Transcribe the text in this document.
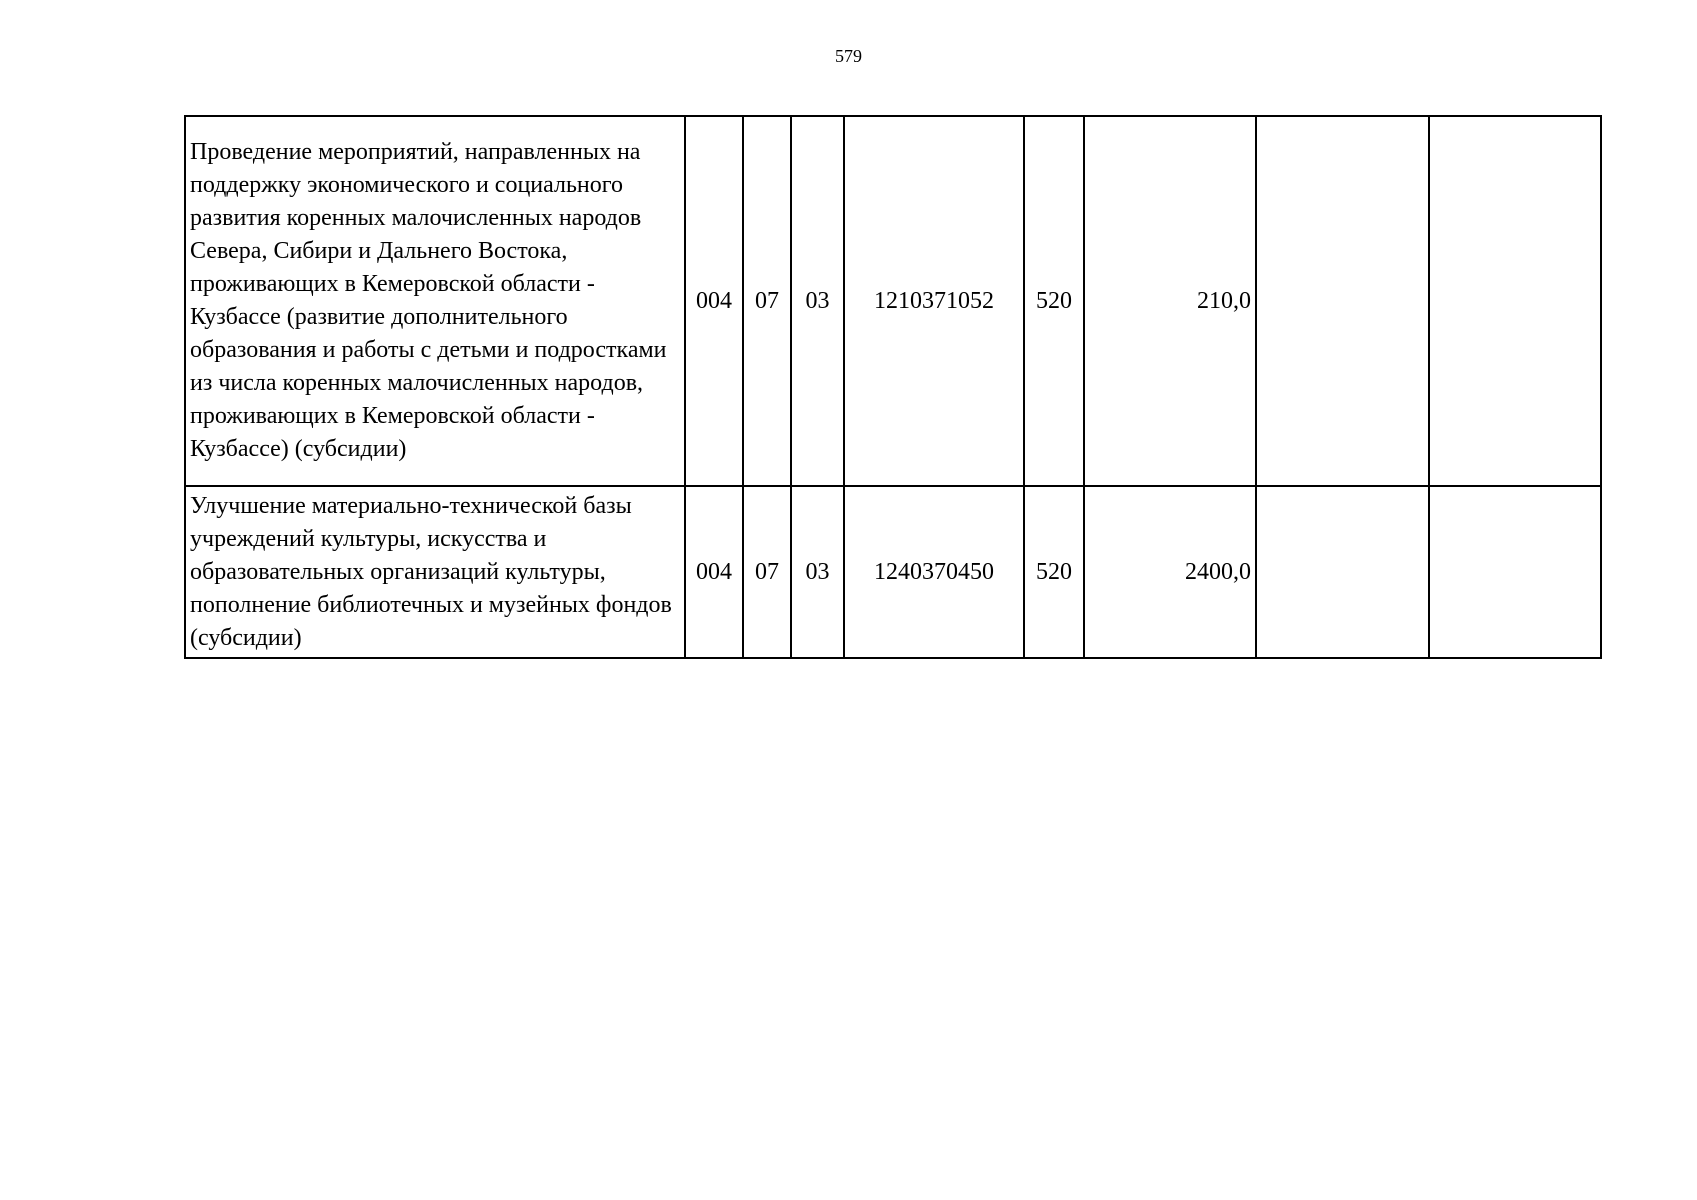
579
Проведение мероприятий, направленных на поддержку экономического и социального развития коренных малочисленных народов Севера, Сибири и Дальнего Востока, проживающих в Кемеровской области - Кузбассе (развитие дополнительного образования и работы с детьми и подростками из числа коренных малочисленных народов, проживающих в Кемеровской области - Кузбассе) (субсидии)	004	07	03	1210371052	520	210,0		
Улучшение материально-технической базы учреждений культуры, искусства и образовательных организаций культуры, пополнение библиотечных и музейных фондов (субсидии)	004	07	03	1240370450	520	2400,0		
